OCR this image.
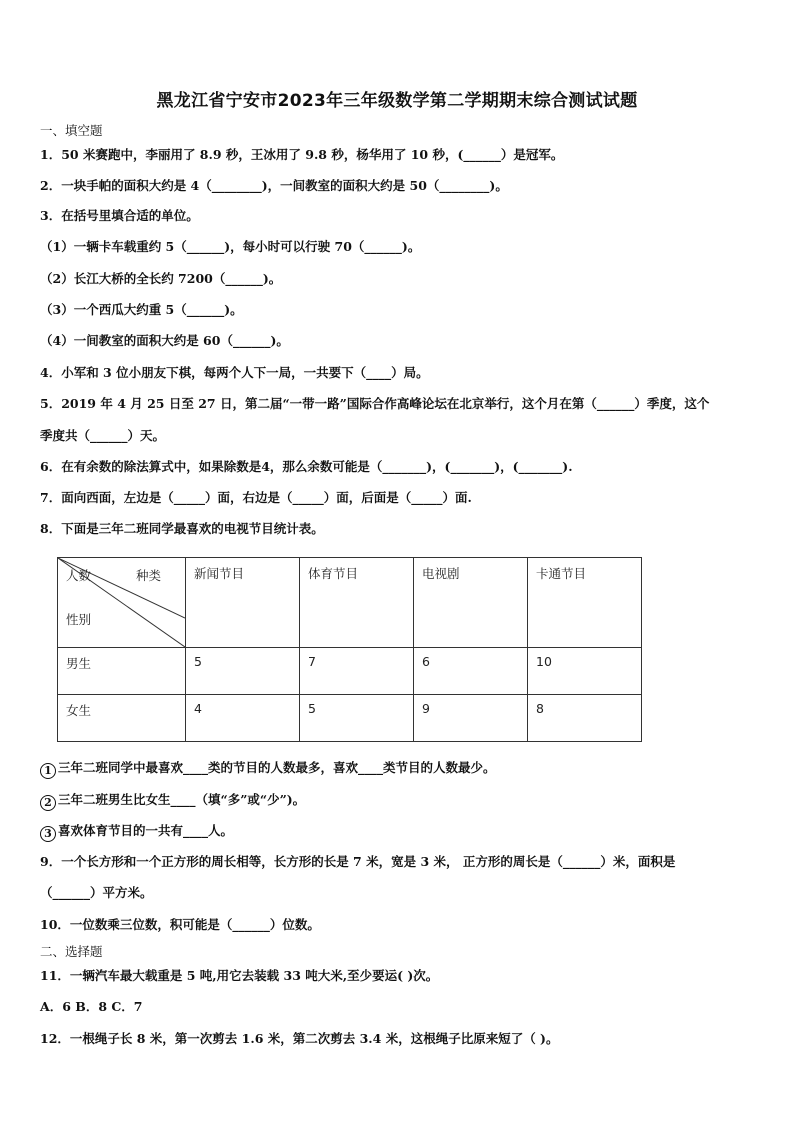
黑龙江省宁安市2023年三年级数学第二学期期末综合测试试题
一、填空题
1．50 米赛跑中，李丽用了 8.9 秒，王冰用了 9.8 秒，杨华用了 10 秒，(______）是冠军。
2．一块手帕的面积大约是 4（________)，一间教室的面积大约是 50（________)。
3．在括号里填合适的单位。
（1）一辆卡车载重约 5（______)，每小时可以行驶 70（______)。
（2）长江大桥的全长约 7200（______)。
（3）一个西瓜大约重 5（______)。
（4）一间教室的面积大约是 60（______)。
4．小军和 3 位小朋友下棋，每两个人下一局，一共要下（____）局。
5．2019 年 4 月 25 日至 27 日，第二届“一带一路”国际合作高峰论坛在北京举行，这个月在第（______）季度，这个
季度共（______）天。
6．在有余数的除法算式中，如果除数是4，那么余数可能是（_______)，(_______)，(_______).
7．面向西面，左边是（_____）面，右边是（_____）面，后面是（_____）面.
8．下面是三年二班同学最喜欢的电视节目统计表。
人数 种类
性别	新闻节目	体育节目	电视剧	卡通节目
男生	5	7	6	10
女生	4	5	9	8
1 三年二班同学中最喜欢____类的节目的人数最多，喜欢____类节目的人数最少。
2 三年二班男生比女生____（填“多”或“少”)。
3 喜欢体育节目的一共有____人。
9．一个长方形和一个正方形的周长相等，长方形的长是 7 米，宽是 3 米， 正方形的周长是（______）米，面积是
（______）平方米。
10．一位数乘三位数，积可能是（______）位数。
二、选择题
11．一辆汽车最大载重是 5 吨,用它去装载 33 吨大米,至少要运( )次。
A．6 B．8 C．7
12．一根绳子长 8 米，第一次剪去 1.6 米，第二次剪去 3.4 米，这根绳子比原来短了（ )。
